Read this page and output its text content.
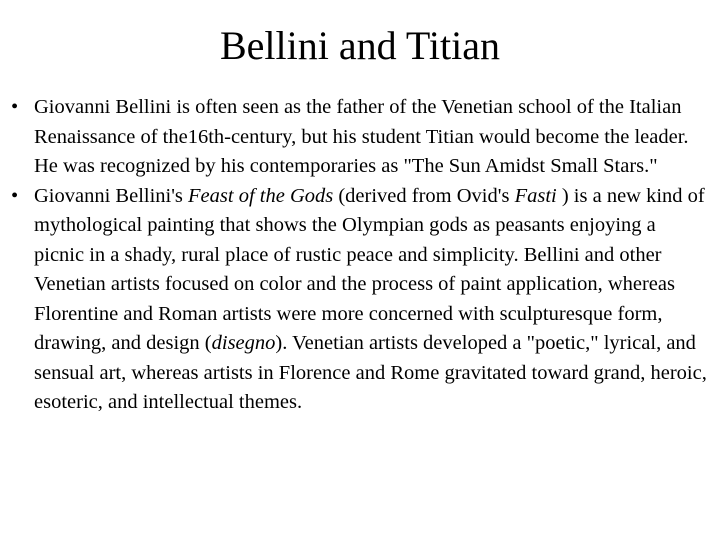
Bellini and Titian
• Giovanni Bellini is often seen as the father of the Venetian school of the Italian Renaissance of the16th-century, but his student Titian would become the leader. He was recognized by his contemporaries as "The Sun Amidst Small Stars."
• Giovanni Bellini's Feast of the Gods (derived from Ovid's Fasti ) is a new kind of mythological painting that shows the Olympian gods as peasants enjoying a picnic in a shady, rural place of rustic peace and simplicity. Bellini and other Venetian artists focused on color and the process of paint application, whereas Florentine and Roman artists were more concerned with sculpturesque form, drawing, and design (disegno). Venetian artists developed a "poetic," lyrical, and sensual art, whereas artists in Florence and Rome gravitated toward grand, heroic, esoteric, and intellectual themes.
